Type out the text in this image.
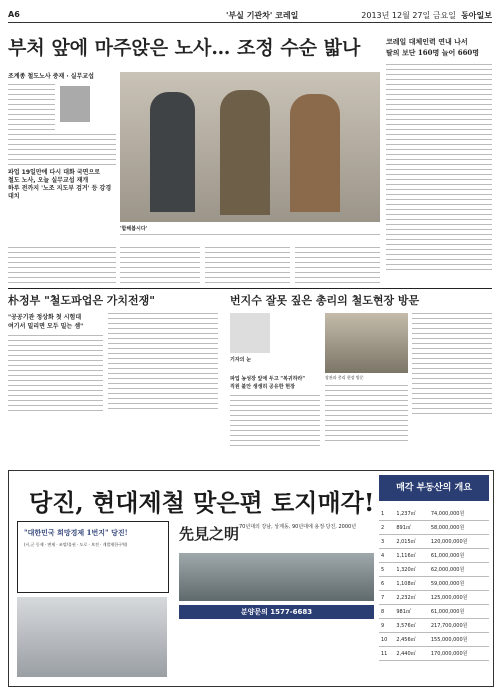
A6	'부실 기관차' 코레일	2013년 12월 27일 금요일 동아일보
부처 앞에 마주앉은 노사… 조정 수순 밟나
조계종 철도노사 중재 · 실무교섭
파업 19일만에 다시 대화 국면으로
철도 노사, 오늘 실무교섭 재개
하루 전까지 '노조 지도부 검거' 등 강경 대치
'합해봅시다'
코레일 대체인력 연내 나서
탈의 보단 160명 늘어 660명
朴정부 "철도파업은 가치전쟁"
"공공기관 정상화 첫 시험대
여기서 밀리면 모두 밀는 셈"
번지수 잘못 짚은 총리의 철도현장 방문
기자의 눈
파업 농성장 앞에 두고 "복귀하라"
직원 불안 생생히 공유한 현장
장관과 총리 현장 방문
당진, 현대제철 맞은편 토지매각!	매각 부동산의 개요
"대한민국 희망경제 1번지" 당진!
(시,군 동제 · 면제 · 조망/물권 · 도로 · 보전 · 개발제한구역)
先見之明 70년대의 강남, 상계동, 90년대에 용정·당진, 2000년
분양문의 1577-6683
1	1,237㎡	74,000,000원
2	891㎡	58,000,000원
3	2,015㎡	120,000,000원
4	1,116㎡	61,000,000원
5	1,320㎡	62,000,000원
6	1,108㎡	59,000,000원
7	2,232㎡	125,000,000원
8	981㎡	61,000,000원
9	3,576㎡	217,700,000원
10	2,456㎡	155,000,000원
11	2,440㎡	170,000,000원
